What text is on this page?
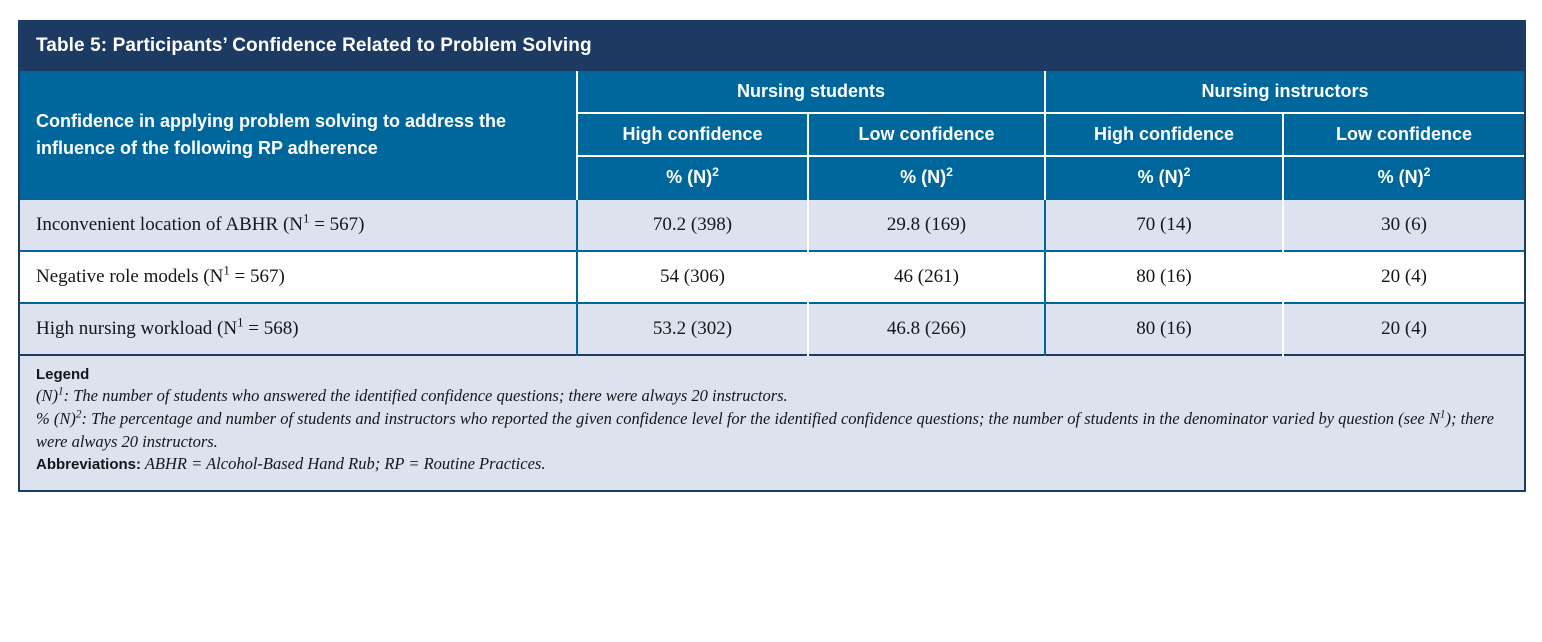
Table 5: Participants’ Confidence Related to Problem Solving				
Confidence in applying problem solving to address the influence of the following RP adherence	Nursing students		Nursing instructors	
	High confidence	Low confidence	High confidence	Low confidence
	% $(N)^2$	% $(N)^2$	% $(N)^2$	% $(N)^2$
Inconvenient location of ABHR $(N^1 = 567)$	70.2 (398)	29.8 (169)	70 (14)	30 (6)
Negative role models $(N^1 = 567)$	54 (306)	46 (261)	80 (16)	20 (4)
High nursing workload $(N^1 = 568)$	53.2 (302)	46.8 (266)	80 (16)	20 (4)

Legend
$(N)^1$: The number of students who answered the identified confidence questions; there were always 20 instructors.
% $(N)^2$: The percentage and number of students and instructors who reported the given confidence level for the identified confidence questions; the number of students in the denominator varied by question (see $N^1$); there were always 20 instructors.
Abbreviations: ABHR = Alcohol-Based Hand Rub; RP = Routine Practices.				
